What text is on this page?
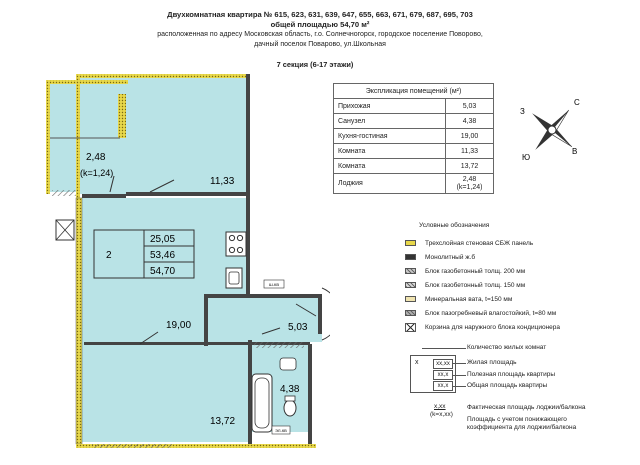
Двухкомнатная квартира № 615, 623, 631, 639, 647, 655, 663, 671, 679, 687, 695, 703
общей площадью 54,70 м²
расположенная по адресу Московская область, г.о. Солнечногорск, городское поселение Поворово,
дачный поселок Поварово, ул.Школьная
7 секция (6-17 этажи)
Экспликация помещений (м²)	
Прихожая	5,03
Санузел	4,38
Кухня-гостиная	19,00
Комната	11,33
Комната	13,72
Лоджия	2,48
(k=1,24)
С
Ю
З
В
Ш-КВ
ЭЛ-КВ
2,48
(k=1,24)
11,33
19,00	5,03
4,38
13,72
2
25,05
53,46
54,70
Условные обозначения
Трехслойная стеновая СБЖ панель
Монолитный ж.б
Блок газобетонный толщ. 200 мм
Блок газобетонный толщ. 150 мм
Минеральная вата, t=150 мм
Блок пазогребневый влагостойкий, t=80 мм
Корзина для наружного блока кондиционера
x	xx,xx
xx,x
xx,x
Количество жилых комнат
Жилая площадь
Полезная площадь квартиры
Общая площадь квартиры
x,xx
(k=x,xx)
Фактическая площадь лоджии/балкона
Площадь с учетом понижающего
коэффициента для лоджии/балкона
